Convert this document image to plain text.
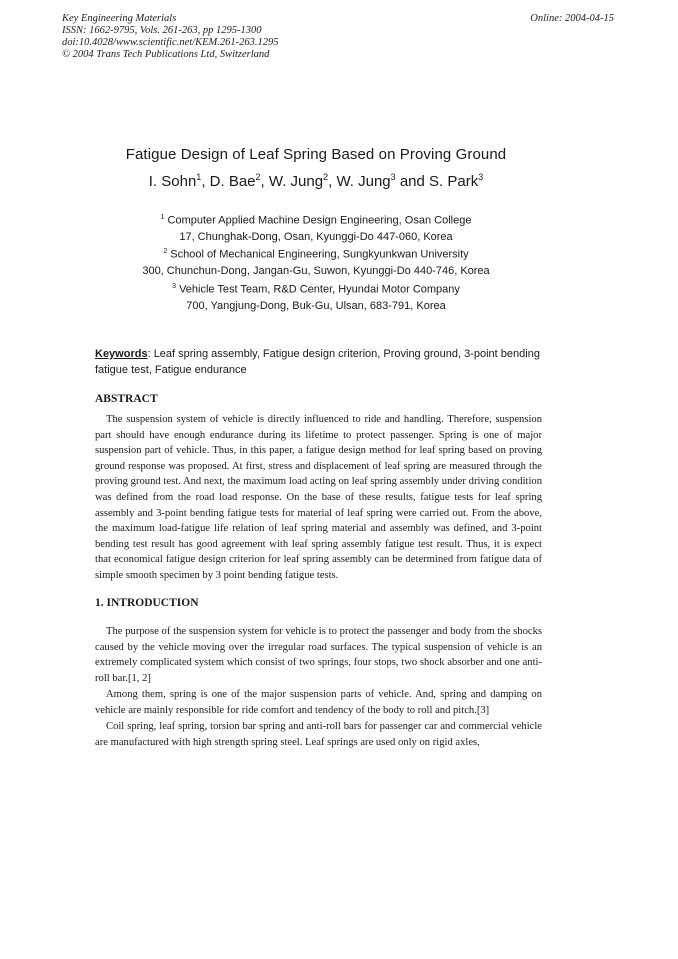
Key Engineering Materials
ISSN: 1662-9795, Vols. 261-263, pp 1295-1300
doi:10.4028/www.scientific.net/KEM.261-263.1295
© 2004 Trans Tech Publications Ltd, Switzerland
Online: 2004-04-15
Fatigue Design of Leaf Spring Based on Proving Ground
I. Sohn$^1$, D. Bae$^2$, W. Jung$^2$, W. Jung$^3$ and S. Park$^3$
$^1$ Computer Applied Machine Design Engineering, Osan College
17, Chunghak-Dong, Osan, Kyunggi-Do 447-060, Korea
$^2$ School of Mechanical Engineering, Sungkyunkwan University
300, Chunchun-Dong, Jangan-Gu, Suwon, Kyunggi-Do 440-746, Korea
$^3$ Vehicle Test Team, R&D Center, Hyundai Motor Company
700, Yangjung-Dong, Buk-Gu, Ulsan, 683-791, Korea
Keywords: Leaf spring assembly, Fatigue design criterion, Proving ground, 3-point bending fatigue test, Fatigue endurance
ABSTRACT

The suspension system of vehicle is directly influenced to ride and handling. Therefore, suspension part should have enough endurance during its lifetime to protect passenger. Spring is one of major suspension part of vehicle. Thus, in this paper, a fatigue design method for leaf spring based on proving ground response was proposed. At first, stress and displacement of leaf spring are measured through the proving ground test. And next, the maximum load acting on leaf spring assembly under driving condition was defined from the road load response. On the base of these results, fatigue tests for leaf spring assembly and 3-point bending fatigue tests for material of leaf spring were carried out. From the above, the maximum load-fatigue life relation of leaf spring material and assembly was defined, and 3-point bending test result has good agreement with leaf spring assembly fatigue test result. Thus, it is expect that economical fatigue design criterion for leaf spring assembly can be determined from fatigue data of simple smooth specimen by 3 point bending fatigue tests.

1. INTRODUCTION

The purpose of the suspension system for vehicle is to protect the passenger and body from the shocks caused by the vehicle moving over the irregular road surfaces. The typical suspension of vehicle is an extremely complicated system which consist of two springs, four stops, two shock absorber and one anti-roll bar.[1, 2]

Among them, spring is one of the major suspension parts of vehicle. And, spring and damping on vehicle are mainly responsible for ride comfort and tendency of the body to roll and pitch.[3]

Coil spring, leaf spring, torsion bar spring and anti-roll bars for passenger car and commercial vehicle are manufactured with high strength spring steel. Leaf springs are used only on rigid axles,
